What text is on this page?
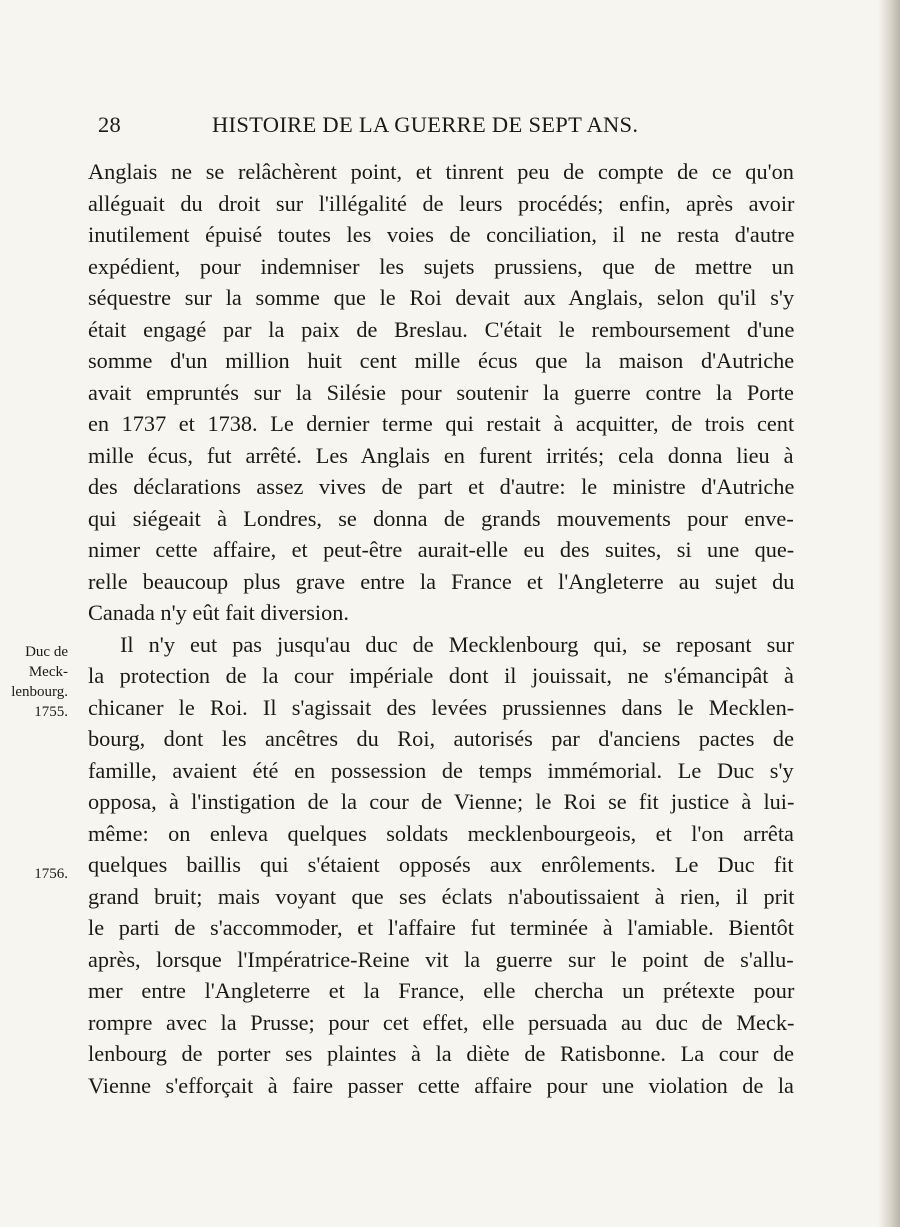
28	HISTOIRE DE LA GUERRE DE SEPT ANS.
Duc de
Meck-
lenbourg.
1755.
1756.
Anglais ne se relâchèrent point, et tinrent peu de compte de ce qu'on
alléguait du droit sur l'illégalité de leurs procédés; enfin, après avoir
inutilement épuisé toutes les voies de conciliation, il ne resta d'autre
expédient, pour indemniser les sujets prussiens, que de mettre un
séquestre sur la somme que le Roi devait aux Anglais, selon qu'il s'y
était engagé par la paix de Breslau. C'était le remboursement d'une
somme d'un million huit cent mille écus que la maison d'Autriche
avait empruntés sur la Silésie pour soutenir la guerre contre la Porte
en 1737 et 1738. Le dernier terme qui restait à acquitter, de trois cent
mille écus, fut arrêté. Les Anglais en furent irrités; cela donna lieu à
des déclarations assez vives de part et d'autre: le ministre d'Autriche
qui siégeait à Londres, se donna de grands mouvements pour enve-
nimer cette affaire, et peut-être aurait-elle eu des suites, si une que-
relle beaucoup plus grave entre la France et l'Angleterre au sujet du
Canada n'y eût fait diversion.
Il n'y eut pas jusqu'au duc de Mecklenbourg qui, se reposant sur
la protection de la cour impériale dont il jouissait, ne s'émancipât à
chicaner le Roi. Il s'agissait des levées prussiennes dans le Mecklen-
bourg, dont les ancêtres du Roi, autorisés par d'anciens pactes de
famille, avaient été en possession de temps immémorial. Le Duc s'y
opposa, à l'instigation de la cour de Vienne; le Roi se fit justice à lui-
même: on enleva quelques soldats mecklenbourgeois, et l'on arrêta
quelques baillis qui s'étaient opposés aux enrôlements. Le Duc fit
grand bruit; mais voyant que ses éclats n'aboutissaient à rien, il prit
le parti de s'accommoder, et l'affaire fut terminée à l'amiable. Bientôt
après, lorsque l'Impératrice-Reine vit la guerre sur le point de s'allu-
mer entre l'Angleterre et la France, elle chercha un prétexte pour
rompre avec la Prusse; pour cet effet, elle persuada au duc de Meck-
lenbourg de porter ses plaintes à la diète de Ratisbonne. La cour de
Vienne s'efforçait à faire passer cette affaire pour une violation de la
